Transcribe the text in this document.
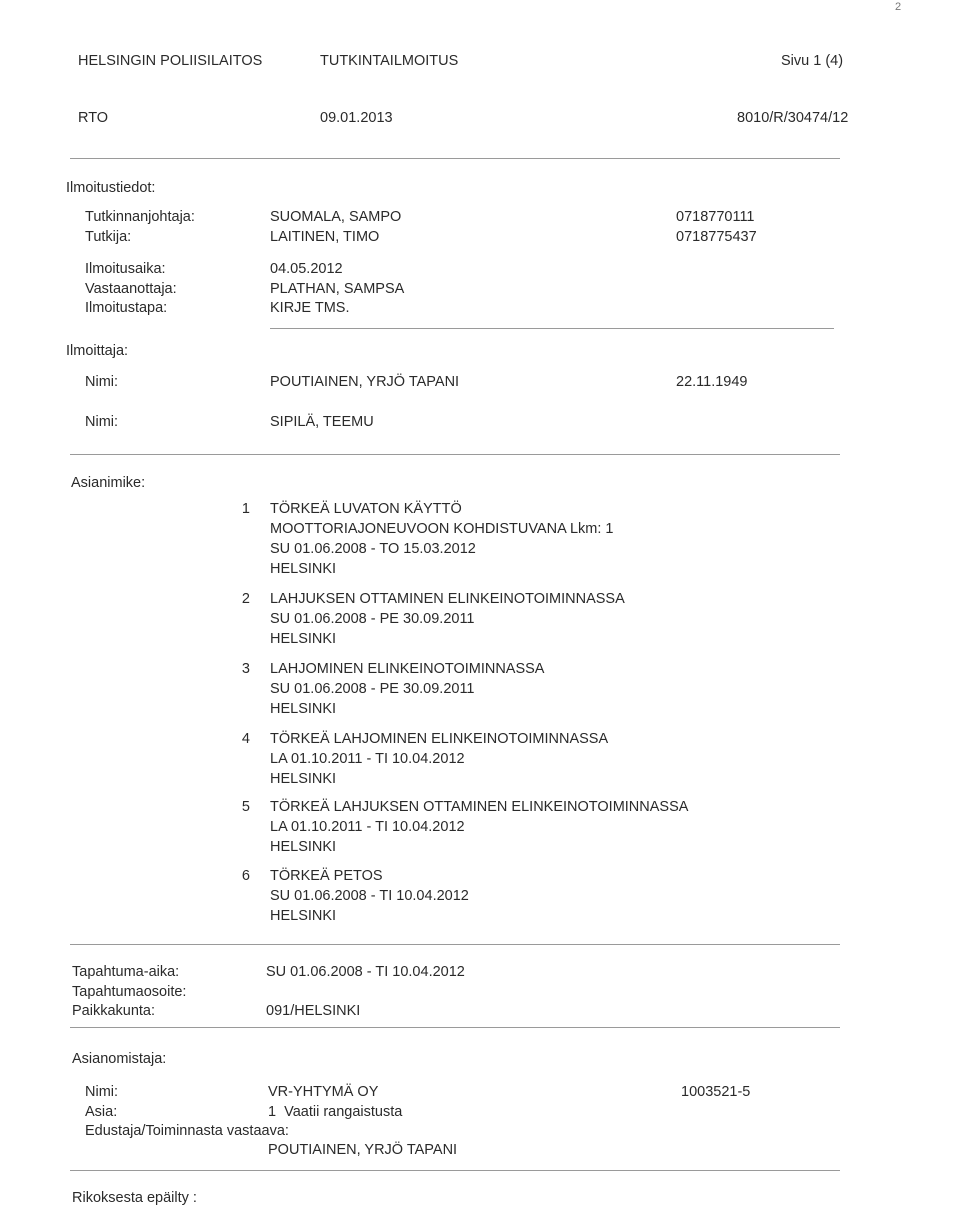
2
HELSINGIN POLIISILAITOS	TUTKINTAILMOITUS	Sivu 1 (4)
RTO	09.01.2013	8010/R/30474/12
Ilmoitustiedot:
Tutkinnanjohtaja:	SUOMALA, SAMPO	0718770111
Tutkija:	LAITINEN, TIMO	0718775437
Ilmoitusaika:	04.05.2012
Vastaanottaja:	PLATHAN, SAMPSA
Ilmoitustapa:	KIRJE TMS.
Ilmoittaja:
Nimi:	POUTIAINEN, YRJÖ TAPANI	22.11.1949
Nimi:	SIPILÄ, TEEMU
Asianimike:
1 TÖRKEÄ LUVATON KÄYTTÖ
MOOTTORIAJONEUVOON KOHDISTUVANA Lkm: 1
SU 01.06.2008 - TO 15.03.2012
HELSINKI
2 LAHJUKSEN OTTAMINEN ELINKEINOTOIMINNASSA
SU 01.06.2008 - PE 30.09.2011
HELSINKI
3 LAHJOMINEN ELINKEINOTOIMINNASSA
SU 01.06.2008 - PE 30.09.2011
HELSINKI
4 TÖRKEÄ LAHJOMINEN ELINKEINOTOIMINNASSA
LA 01.10.2011 - TI 10.04.2012
HELSINKI
5 TÖRKEÄ LAHJUKSEN OTTAMINEN ELINKEINOTOIMINNASSA
LA 01.10.2011 - TI 10.04.2012
HELSINKI
6 TÖRKEÄ PETOS
SU 01.06.2008 - TI 10.04.2012
HELSINKI
Tapahtuma-aika:	SU 01.06.2008 - TI 10.04.2012
Tapahtumaosoite:
Paikkakunta:	091/HELSINKI
Asianomistaja:
Nimi:	VR-YHTYMÄ OY	1003521-5
Asia:	1  Vaatii rangaistusta
Edustaja/Toiminnasta vastaava:
POUTIAINEN, YRJÖ TAPANI
Rikoksesta epäilty :
